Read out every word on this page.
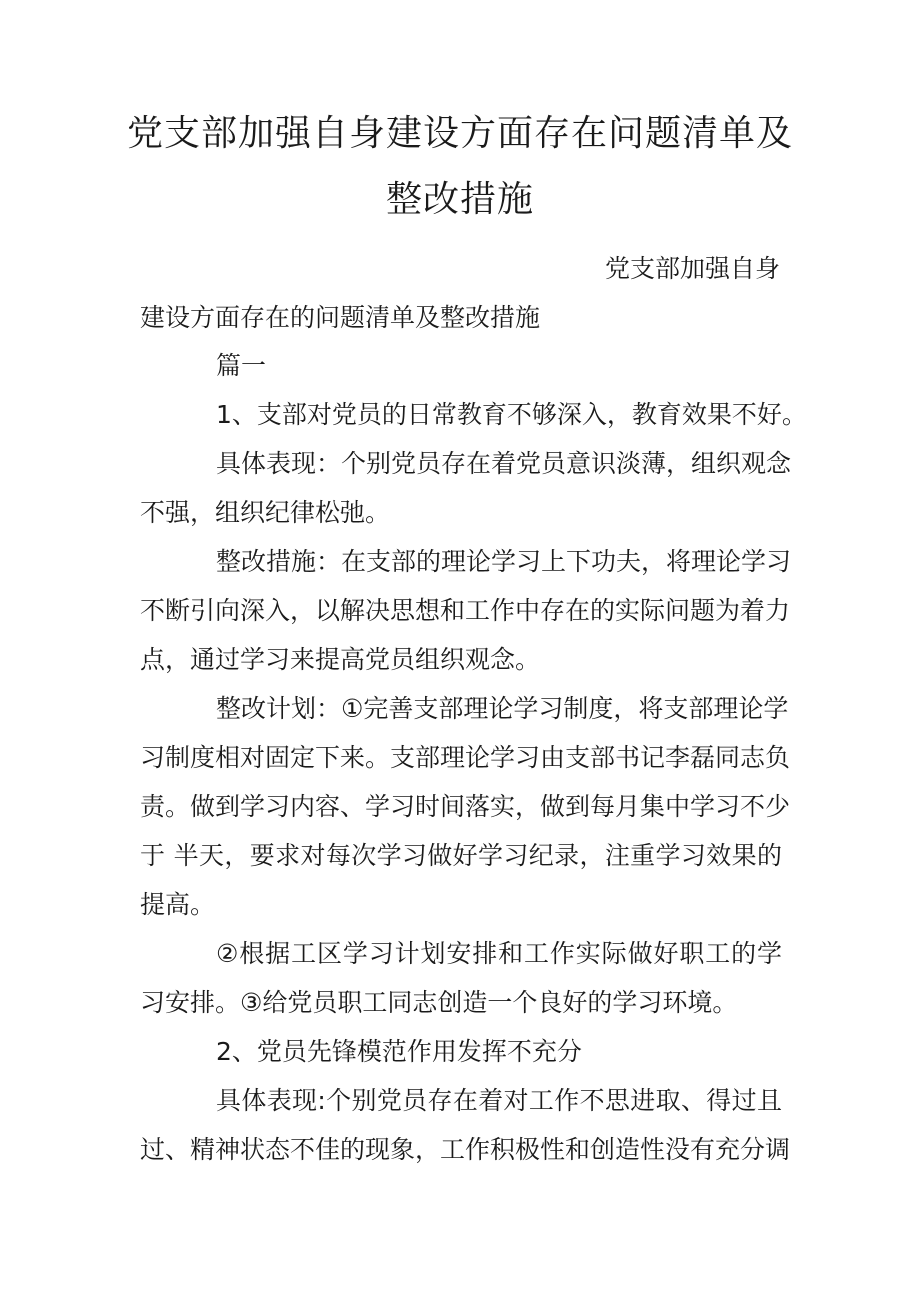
党支部加强自身建设方面存在问题清单及
整改措施

党支部加强自身

建设方面存在的问题清单及整改措施

篇一

1、支部对党员的日常教育不够深入，教育效果不好。

具体表现：个别党员存在着党员意识淡薄，组织观念

不强，组织纪律松弛。

整改措施：在支部的理论学习上下功夫，将理论学习

不断引向深入，以解决思想和工作中存在的实际问题为着力

点，通过学习来提高党员组织观念。

整改计划：①完善支部理论学习制度，将支部理论学

习制度相对固定下来。支部理论学习由支部书记李磊同志负

责。做到学习内容、学习时间落实，做到每月集中学习不少

于 半天，要求对每次学习做好学习纪录，注重学习效果的

提高。

②根据工区学习计划安排和工作实际做好职工的学

习安排。③给党员职工同志创造一个良好的学习环境。

2、党员先锋模范作用发挥不充分

具体表现:个别党员存在着对工作不思进取、得过且

过、精神状态不佳的现象，工作积极性和创造性没有充分调
